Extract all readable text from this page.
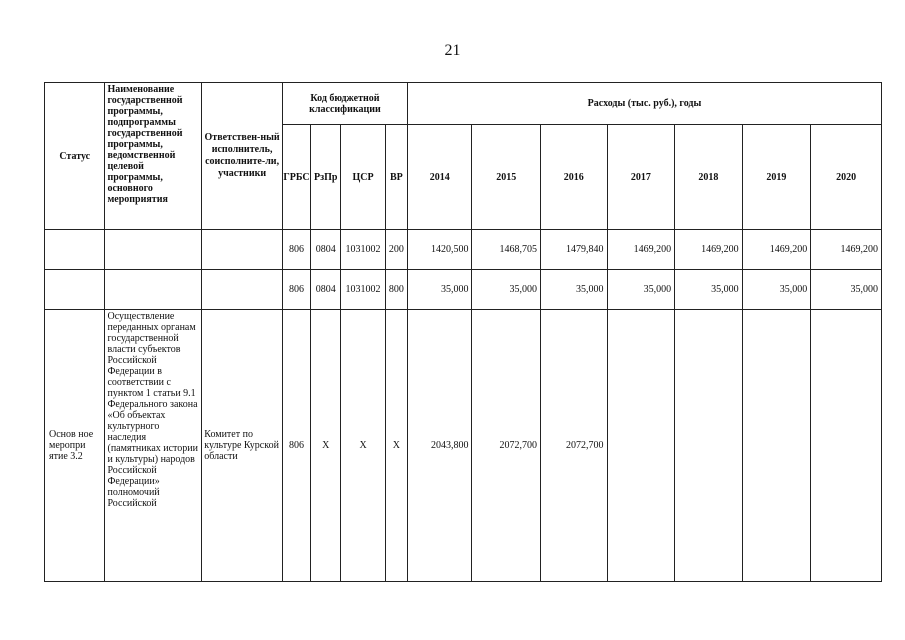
21
Статус	Наименование государственной программы, подпрограммы государственной программы, ведомственной целевой программы, основного мероприятия	Ответствен-ный исполнитель, соисполните-ли, участники	Код бюджетной классификации				Расходы (тыс. руб.), годы						
			ГРБС	РзПр	ЦСР	ВР	2014	2015	2016	2017	2018	2019	2020
			806	0804	1031002	200	1420,500	1468,705	1479,840	1469,200	1469,200	1469,200	1469,200
			806	0804	1031002	800	35,000	35,000	35,000	35,000	35,000	35,000	35,000
Основ ное меропри ятие 3.2	Осуществление переданных органам государственной власти субъектов Российской Федерации в соответствии с пунктом 1 статьи 9.1 Федерального закона «Об объектах культурного наследия (памятниках истории и культуры) народов Российской Федерации» полномочий Российской	Комитет по культуре Курской области	806	Х	Х	Х	2043,800	2072,700	2072,700				
